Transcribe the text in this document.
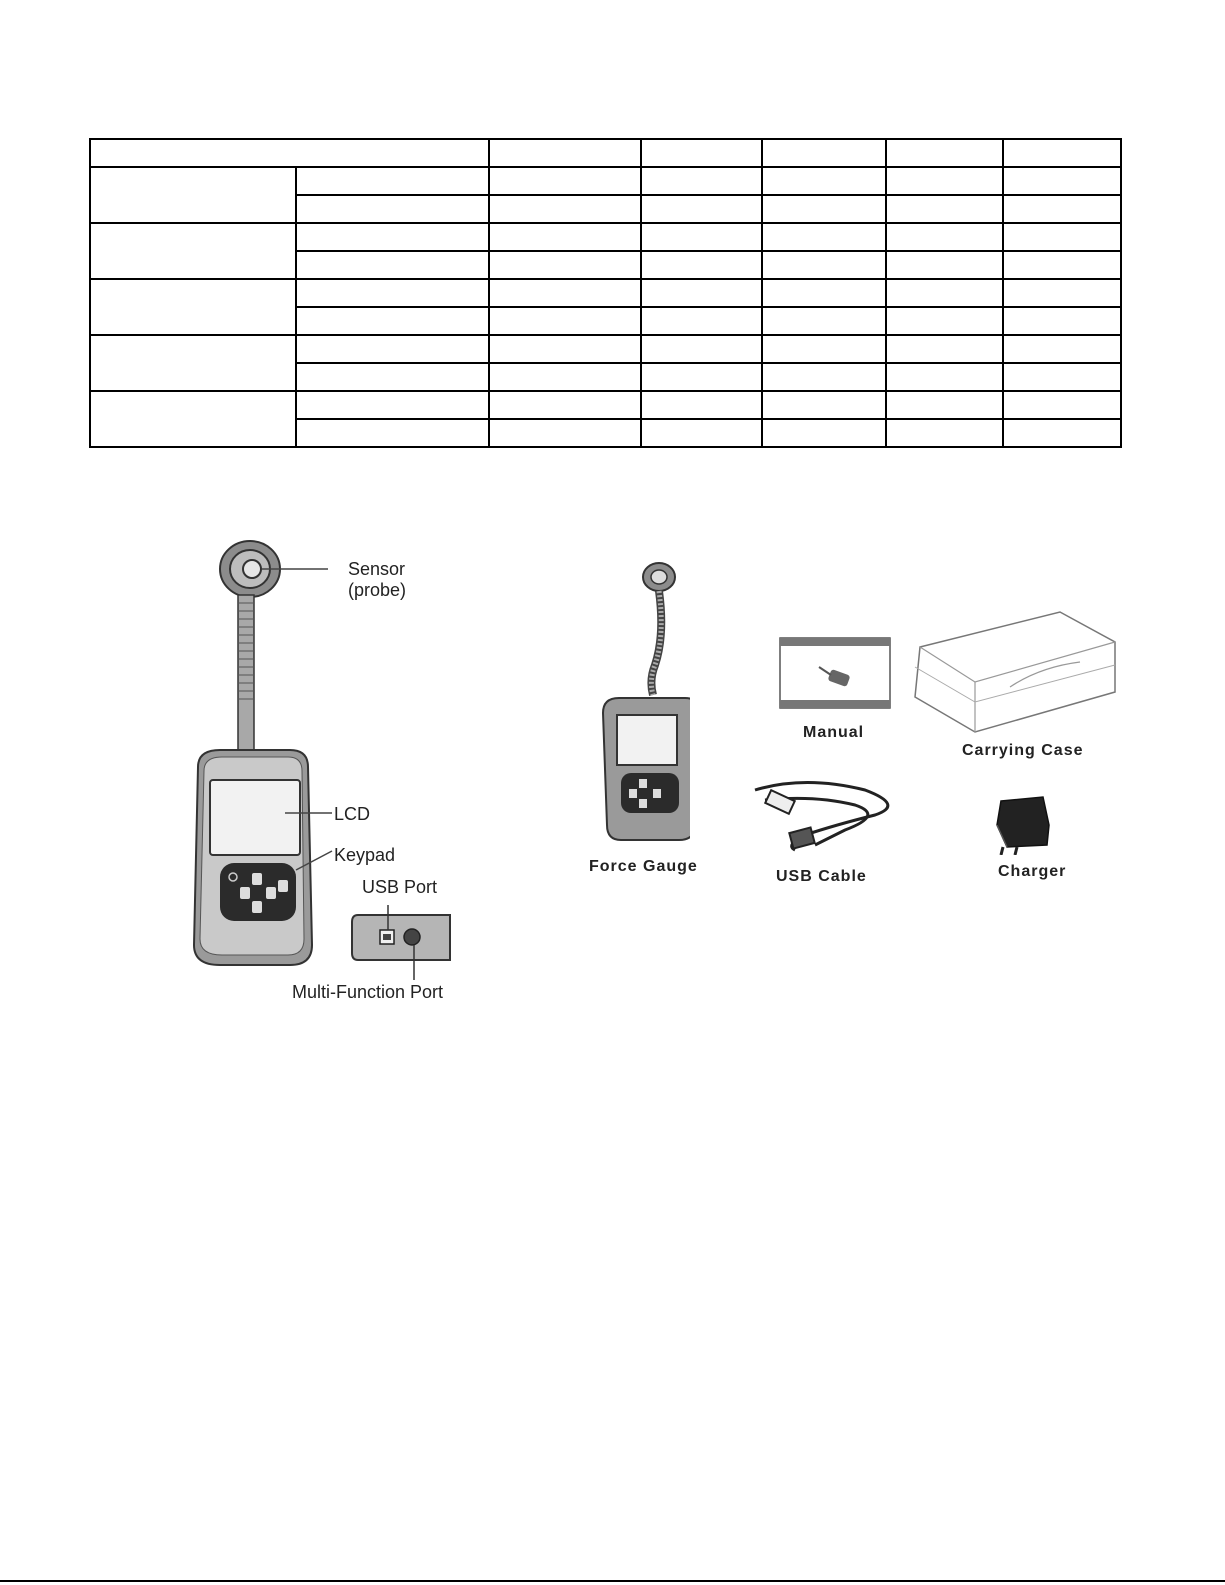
Sensor
(probe)
LCD
Keypad
USB Port
Multi-Function Port
Force Gauge
Manual
Carrying Case
USB Cable	Charger
